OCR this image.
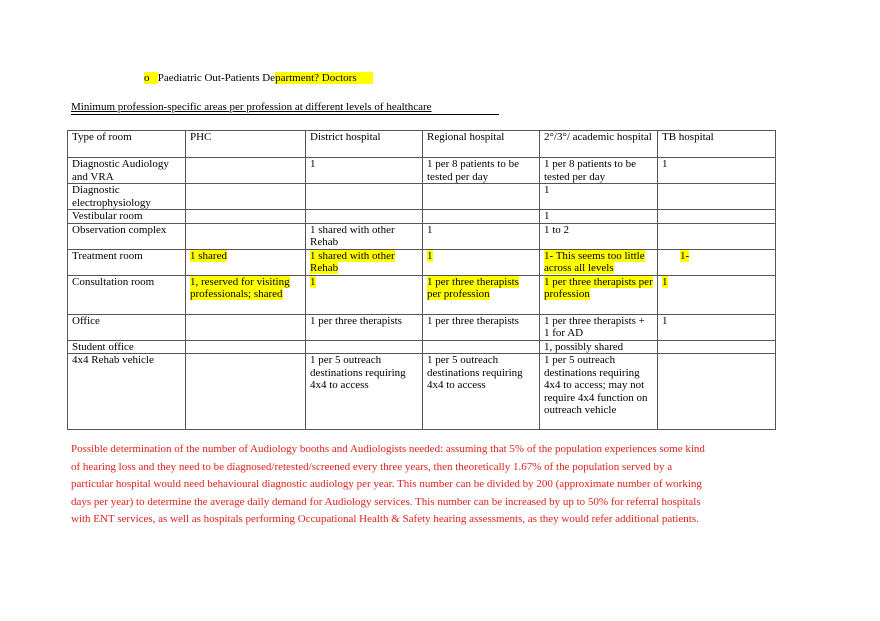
o Paediatric Out-Patients Department? Doctors
Minimum profession-specific areas per profession at different levels of healthcare
Type of room	PHC	District hospital	Regional hospital	2°/3°/ academic hospital	TB hospital
Diagnostic Audiology and VRA		1	1 per 8 patients to be tested per day	1 per 8 patients to be tested per day	1
Diagnostic electrophysiology				1	
Vestibular room				1	
Observation complex		1 shared with other Rehab	1	1 to 2	
Treatment room	1 shared	1 shared with other Rehab	1	1- This seems too little across all levels	1-
Consultation room	1, reserved for visiting professionals; shared	1	1 per three therapists per profession	1 per three therapists per profession	1
Office		1 per three therapists	1 per three therapists	1 per three therapists + 1 for AD	1
Student office				1, possibly shared	
4x4 Rehab vehicle		1 per 5 outreach destinations requiring 4x4 to access	1 per 5 outreach destinations requiring 4x4 to access	1 per 5 outreach destinations requiring 4x4 to access; may not require 4x4 function on outreach vehicle	
Possible determination of the number of Audiology booths and Audiologists needed: assuming that 5% of the population experiences some kind of hearing loss and they need to be diagnosed/retested/screened every three years, then theoretically 1.67% of the population served by a particular hospital would need behavioural diagnostic audiology per year. This number can be divided by 200 (approximate number of working days per year) to determine the average daily demand for Audiology services. This number can be increased by up to 50% for referral hospitals with ENT services, as well as hospitals performing Occupational Health & Safety hearing assessments, as they would refer additional patients.
